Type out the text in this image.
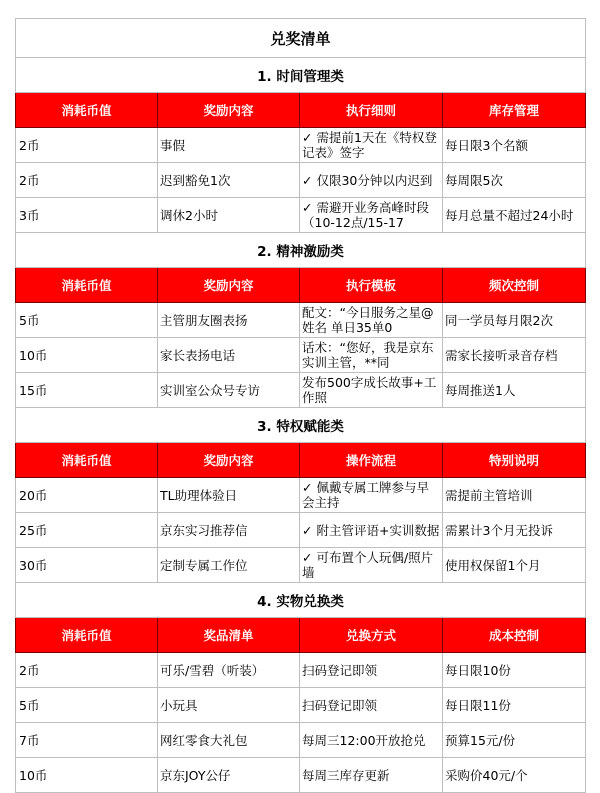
兑奖清单			
1. 时间管理类			
消耗币值	奖励内容	执行细则	库存管理

2币	事假	✓ 需提前1天在《特权登记表》签字	每日限3个名额

2币	迟到豁免1次	✓ 仅限30分钟以内迟到	每周限5次

3币	调休2小时	✓ 需避开业务高峰时段（10-12点/15-17	每月总量不超过24小时

2. 精神激励类			
消耗币值	奖励内容	执行模板	频次控制

5币	主管朋友圈表扬	配文：“今日服务之星@姓名 单日35单0	同一学员每月限2次

10币	家长表扬电话	话术：“您好，我是京东实训主管，**同	需家长接听录音存档

15币	实训室公众号专访	发布500字成长故事+工作照	每周推送1人

3. 特权赋能类			
消耗币值	奖励内容	操作流程	特别说明

20币	TL助理体验日	✓ 佩戴专属工牌参与早会主持	需提前主管培训

25币	京东实习推荐信	✓ 附主管评语+实训数据	需累计3个月无投诉

30币	定制专属工作位	✓ 可布置个人玩偶/照片墙	使用权保留1个月

4. 实物兑换类			
消耗币值	奖品清单	兑换方式	成本控制

2币	可乐/雪碧（听装）	扫码登记即领	每日限10份

5币	小玩具	扫码登记即领	每日限11份

7币	网红零食大礼包	每周三12:00开放抢兑	预算15元/份

10币	京东JOY公仔	每周三库存更新	采购价40元/个
